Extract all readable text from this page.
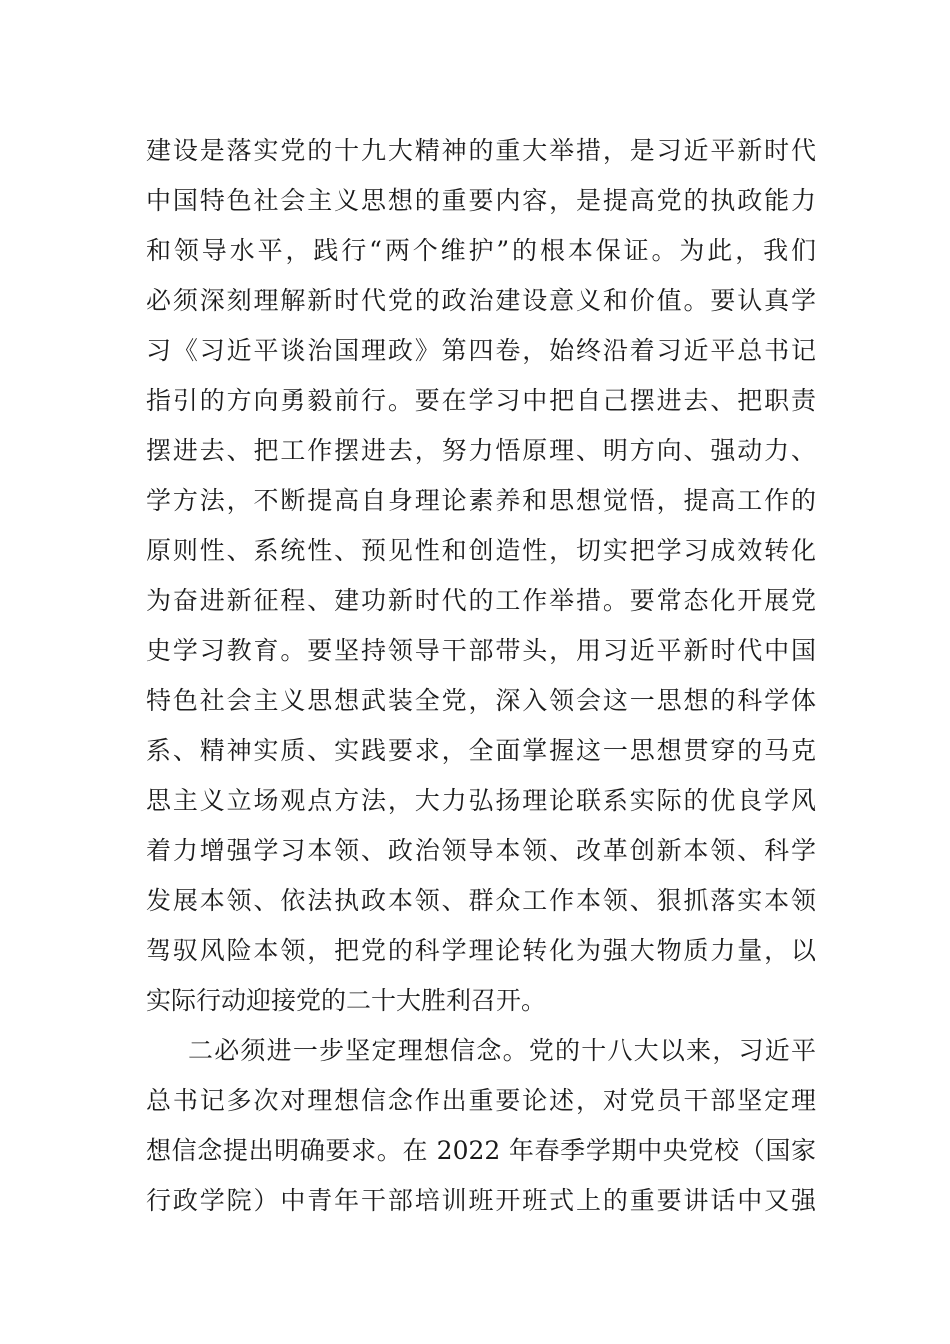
建设是落实党的十九大精神的重大举措，是习近平新时代
中国特色社会主义思想的重要内容，是提高党的执政能力
和领导水平，践行“两个维护”的根本保证。为此，我们
必须深刻理解新时代党的政治建设意义和价值。要认真学
习《习近平谈治国理政》第四卷，始终沿着习近平总书记
指引的方向勇毅前行。要在学习中把自己摆进去、把职责
摆进去、把工作摆进去，努力悟原理、明方向、强动力、
学方法，不断提高自身理论素养和思想觉悟，提高工作的
原则性、系统性、预见性和创造性，切实把学习成效转化
为奋进新征程、建功新时代的工作举措。要常态化开展党
史学习教育。要坚持领导干部带头，用习近平新时代中国
特色社会主义思想武装全党，深入领会这一思想的科学体
系、精神实质、实践要求，全面掌握这一思想贯穿的马克
思主义立场观点方法，大力弘扬理论联系实际的优良学风
着力增强学习本领、政治领导本领、改革创新本领、科学
发展本领、依法执政本领、群众工作本领、狠抓落实本领
驾驭风险本领，把党的科学理论转化为强大物质力量，以
实际行动迎接党的二十大胜利召开。
二必须进一步坚定理想信念。党的十八大以来，习近平
总书记多次对理想信念作出重要论述，对党员干部坚定理
想信念提出明确要求。在 2022 年春季学期中央党校（国家
行政学院）中青年干部培训班开班式上的重要讲话中又强
